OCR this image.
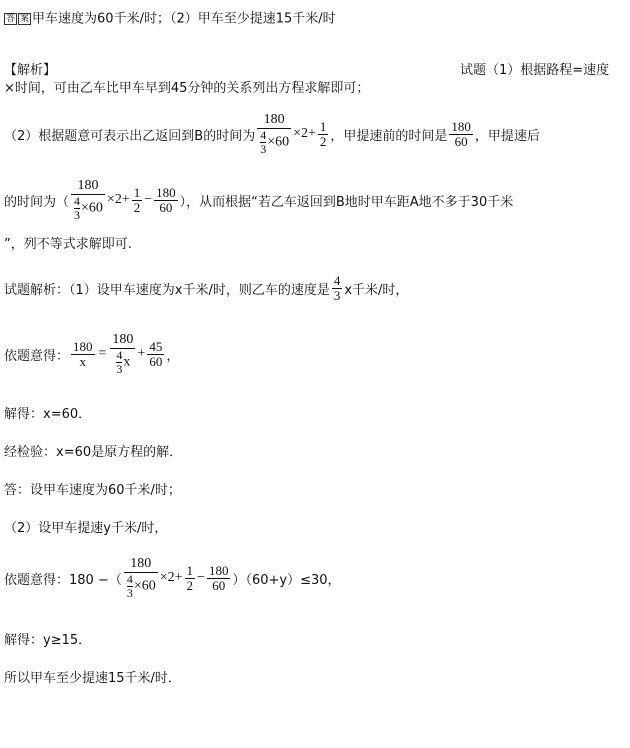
答 案 甲车速度为60千米/时；（2）甲车至少提速15千米/时
【解析】	试题（1）根据路程=速度
×时间，可由乙车比甲车早到45分钟的关系列出方程求解即可；
（2）根据题意可表示出乙返回到B的时间为 $\frac{180}{\frac{4}{3} \times 60} \times 2+ \frac{1}{2}$ ，甲提速前的时间是 $\frac{180}{60}$ ，甲提速后
的时间为（ $\frac{180}{\frac{4}{3} \times 60} \times 2+ \frac{1}{2} - \frac{180}{60}$ ），从而根据“若乙车返回到B地时甲车距A地不多于30千米
”，列不等式求解即可.
试题解析：（1）设甲车速度为x千米/时，则乙车的速度是 $\frac{4}{3}$ x千米/时，
依题意得： $\frac{180}{x} = \frac{180}{\frac{4}{3} x} + \frac{45}{60}$ ，
解得：x=60．
经检验：x=60是原方程的解．
答：设甲车速度为60千米/时；
（2）设甲车提速y千米/时，
依题意得：180 −（ $\frac{180}{\frac{4}{3} \times 60} \times 2+ \frac{1}{2} - \frac{180}{60} )(60+y)\le 30$，
解得：y≥15．
所以甲车至少提速15千米/时．
